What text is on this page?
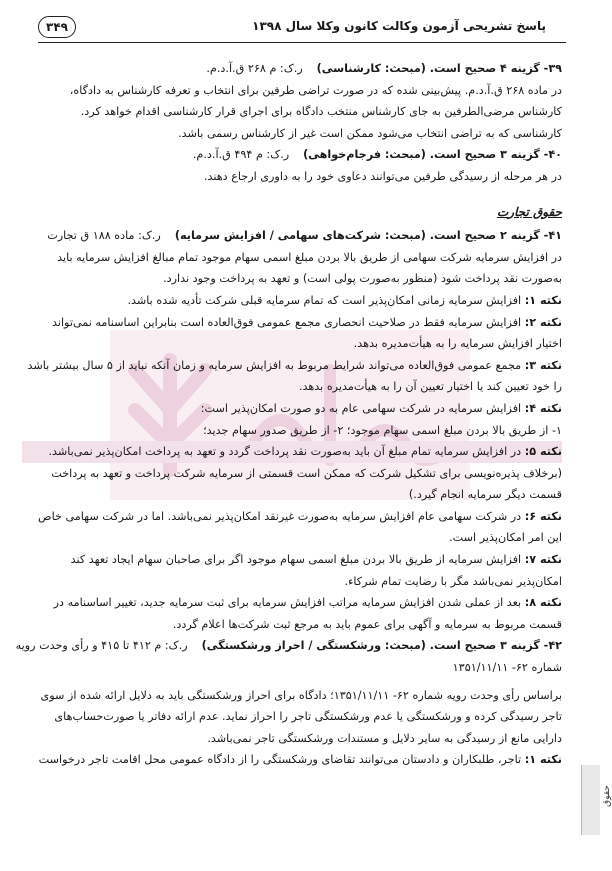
پاسخ تشریحی آزمون وکالت کانون وکلا سال ۱۳۹۸
۳۴۹
۳۹- گزینه ۴ صحیح است. (مبحث: کارشناسی)ر.ک: م ۲۶۸ ق.آ.د.م.
در ماده ۲۶۸ ق.آ.د.م. پیش‌بینی شده که در صورت تراضی طرفین برای انتخاب و تعرفه کارشناس به دادگاه،
کارشناس مرضی‌الطرفین به جای کارشناس منتخب دادگاه برای اجرای قرار کارشناسی اقدام خواهد کرد.
کارشناسی که به تراضی انتخاب می‌شود ممکن است غیر از کارشناس رسمی باشد.
۴۰- گزینه ۳ صحیح است. (مبحث: فرجام‌خواهی)ر.ک: م ۴۹۴ ق.آ.د.م.
در هر مرحله از رسیدگی طرفین می‌توانند دعاوی خود را به داوری ارجاع دهند.
حقوق تجارت
۴۱- گزینه ۲ صحیح است. (مبحث: شرکت‌های سهامی / افزایش سرمایه)ر.ک: ماده ۱۸۸ ق تجارت
در افزایش سرمایه شرکت سهامی از طریق بالا بردن مبلغ اسمی سهام موجود تمام مبالغ افزایش سرمایه باید
به‌صورت نقد پرداخت شود (منظور به‌صورت پولی است) و تعهد به پرداخت وجود ندارد.
نکته ۱: افزایش سرمایه زمانی امکان‌پذیر است که تمام سرمایه قبلی شرکت تأدیه شده باشد.
نکته ۲: افزایش سرمایه فقط در صلاحیت انحصاری مجمع عمومی فوق‌العاده است بنابراین اساسنامه نمی‌تواند
اختیار افزایش سرمایه را به هیأت‌مدیره بدهد.
نکته ۳: مجمع عمومی فوق‌العاده می‌تواند شرایط مربوط به افزایش سرمایه و زمان آنکه نباید از ۵ سال بیشتر باشد
را خود تعیین کند یا اختیار تعیین آن را به هیأت‌مدیره بدهد.
نکته ۴: افزایش سرمایه در شرکت سهامی عام به دو صورت امکان‌پذیر است:
۱- از طریق بالا بردن مبلغ اسمی سهام موجود؛ ۲- از طریق صدور سهام جدید؛
نکته ۵: در افزایش سرمایه تمام مبلغ آن باید به‌صورت نقد پرداخت گردد و تعهد به پرداخت امکان‌پذیر نمی‌باشد.
(برخلاف پذیره‌نویسی برای تشکیل شرکت که ممکن است قسمتی از سرمایه شرکت پرداخت و تعهد به پرداخت
قسمت دیگر سرمایه انجام گیرد.)
نکته ۶: در شرکت سهامی عام افزایش سرمایه به‌صورت غیرنقد امکان‌پذیر نمی‌باشد. اما در شرکت سهامی خاص
این امر امکان‌پذیر است.
نکته ۷: افزایش سرمایه از طریق بالا بردن مبلغ اسمی سهام موجود اگر برای صاحبان سهام ایجاد تعهد کند
امکان‌پذیر نمی‌باشد مگر با رضایت تمام شرکاء.
نکته ۸: بعد از عملی شدن افزایش سرمایه مراتب افزایش سرمایه برای ثبت سرمایه جدید، تغییر اساسنامه در
قسمت مربوط به سرمایه و آگهی برای عموم باید به مرجع ثبت شرکت‌ها اعلام گردد.
۴۲- گزینه ۳ صحیح است. (مبحث: ورشکستگی / احراز ورشکستگی)ر.ک: م ۴۱۲ تا ۴۱۵ و رأی وحدت رویه
شماره ۶۲- ۱۳۵۱/۱۱/۱۱
براساس رأی وحدت رویه شماره ۶۲- ۱۳۵۱/۱۱/۱۱؛ دادگاه برای احراز ورشکستگی باید به دلایل ارائه شده از سوی
تاجر رسیدگی کرده و ورشکستگی یا عدم ورشکستگی تاجر را احراز نماید. عدم ارائه دفاتر یا صورت‌حساب‌های
دارایی مانع از رسیدگی به سایر دلایل و مستندات ورشکستگی تاجر نمی‌باشد.
نکته ۱: تاجر، طلبکاران و دادستان می‌توانند تقاضای ورشکستگی را از دادگاه عمومی محل اقامت تاجر درخواست
حقوق
